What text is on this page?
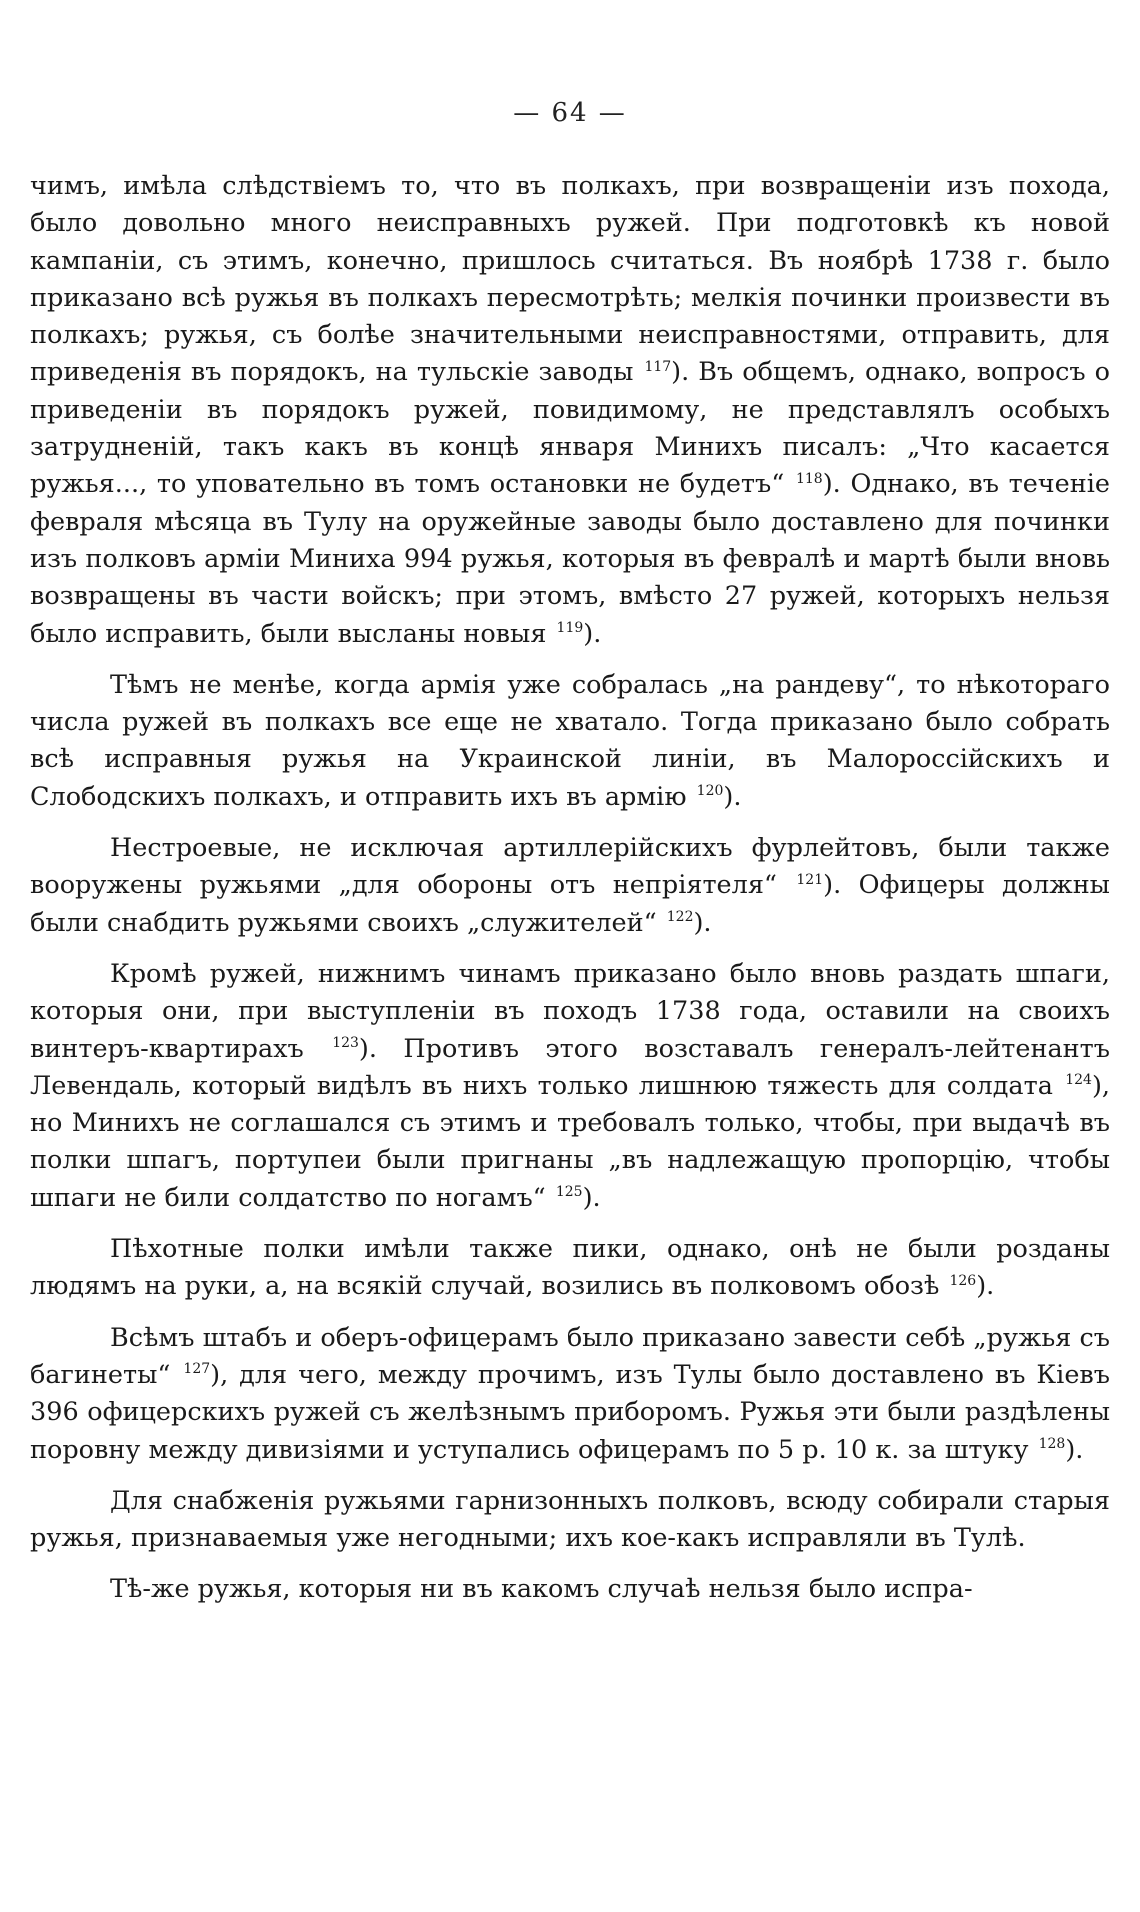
— 64 —

чимъ, имѣла слѣдствіемъ то, что въ полкахъ, при возвращеніи изъ похода, было довольно много неисправныхъ ружей. При подготовкѣ къ новой кампаніи, съ этимъ, конечно, пришлось считаться. Въ ноябрѣ 1738 г. было приказано всѣ ружья въ полкахъ пересмотрѣть; мелкія починки произвести въ полкахъ; ружья, съ болѣе значительными неисправностями, отправить, для приведенія въ порядокъ, на тульскіе заводы $^{117}$). Въ общемъ, однако, вопросъ о приведеніи въ порядокъ ружей, повидимому, не представлялъ особыхъ затрудненій, такъ какъ въ концѣ января Минихъ писалъ: „Что касается ружья..., то уповательно въ томъ остановки не будетъ“ $^{118}$). Однако, въ теченіе февраля мѣсяца въ Тулу на оружейные заводы было доставлено для починки изъ полковъ арміи Миниха 994 ружья, которыя въ февралѣ и мартѣ были вновь возвращены въ части войскъ; при этомъ, вмѣсто 27 ружей, которыхъ нельзя было исправить, были высланы новыя $^{119}$).

Тѣмъ не менѣе, когда армія уже собралась „на рандеву“, то нѣкотораго числа ружей въ полкахъ все еще не хватало. Тогда приказано было собрать всѣ исправныя ружья на Украинской линіи, въ Малороссійскихъ и Слободскихъ полкахъ, и отправить ихъ въ армію $^{120}$).

Нестроевые, не исключая артиллерійскихъ фурлейтовъ, были также вооружены ружьями „для обороны отъ непріятеля“ $^{121}$). Офицеры должны были снабдить ружьями своихъ „служителей“ $^{122}$).

Кромѣ ружей, нижнимъ чинамъ приказано было вновь раздать шпаги, которыя они, при выступленіи въ походъ 1738 года, оставили на своихъ винтеръ-квартирахъ $^{123}$). Противъ этого возставалъ генералъ-лейтенантъ Левендаль, который видѣлъ въ нихъ только лишнюю тяжесть для солдата $^{124}$), но Минихъ не соглашался съ этимъ и требовалъ только, чтобы, при выдачѣ въ полки шпагъ, портупеи были пригнаны „въ надлежащую пропорцію, чтобы шпаги не били солдатство по ногамъ“ $^{125}$).

Пѣхотные полки имѣли также пики, однако, онѣ не были розданы людямъ на руки, а, на всякій случай, возились въ полковомъ обозѣ $^{126}$).

Всѣмъ штабъ и оберъ-офицерамъ было приказано завести себѣ „ружья съ багинеты“ $^{127}$), для чего, между прочимъ, изъ Тулы было доставлено въ Кіевъ 396 офицерскихъ ружей съ желѣзнымъ приборомъ. Ружья эти были раздѣлены поровну между дивизіями и уступались офицерамъ по 5 р. 10 к. за штуку $^{128}$).

Для снабженія ружьями гарнизонныхъ полковъ, всюду собирали старыя ружья, признаваемыя уже негодными; ихъ кое-какъ исправляли въ Тулѣ.

Тѣ-же ружья, которыя ни въ какомъ случаѣ нельзя было испра-
